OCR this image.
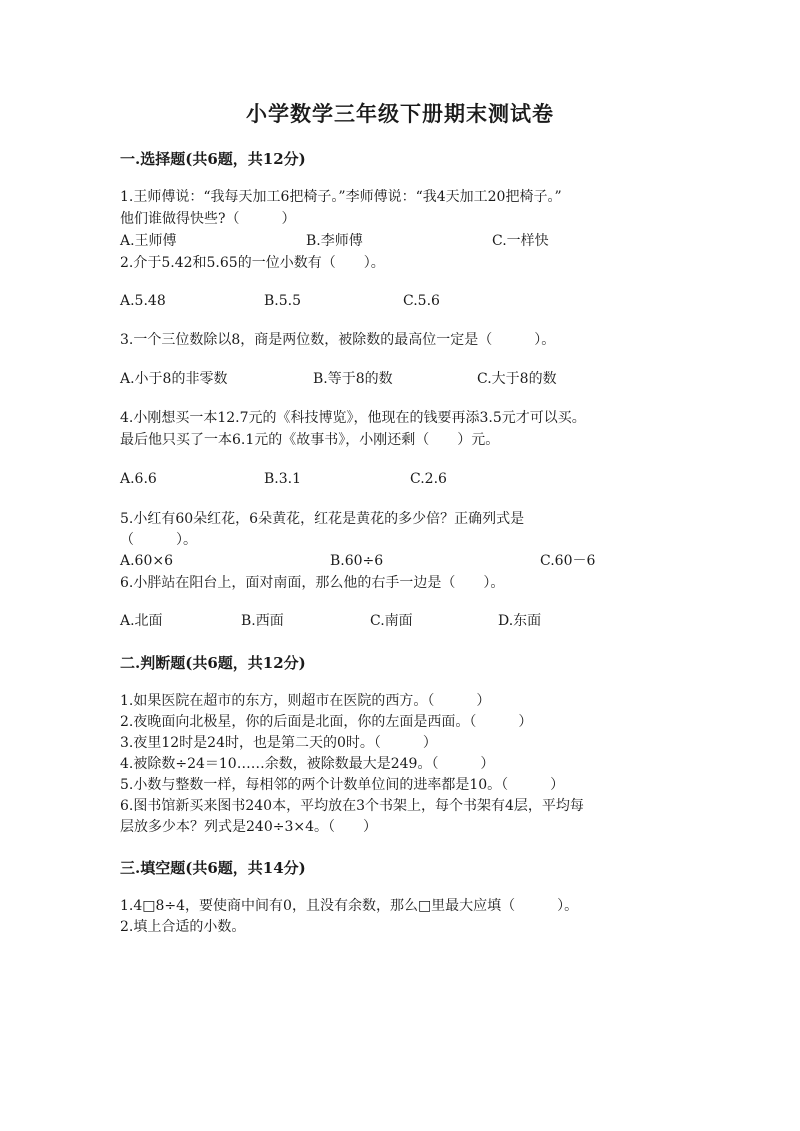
小学数学三年级下册期末测试卷
一.选择题(共6题，共12分)
1.王师傅说：“我每天加工6把椅子。”李师傅说：“我4天加工20把椅子。”
他们谁做得快些?（　　　）
A.王师傅	B.李师傅	C.一样快
2.介于5.42和5.65的一位小数有（　　）。
A.5.48	B.5.5	C.5.6
3.一个三位数除以8，商是两位数，被除数的最高位一定是（　　　）。
A.小于8的非零数	B.等于8的数	C.大于8的数
4.小刚想买一本12.7元的《科技博览》，他现在的钱要再添3.5元才可以买。
最后他只买了一本6.1元的《故事书》，小刚还剩（　　）元。
A.6.6	B.3.1	C.2.6
5.小红有60朵红花，6朵黄花，红花是黄花的多少倍？正确列式是
（　　　）。
A.60×6	B.60÷6	C.60－6
6.小胖站在阳台上，面对南面，那么他的右手一边是（　　）。
A.北面	B.西面	C.南面	D.东面
二.判断题(共6题，共12分)
1.如果医院在超市的东方，则超市在医院的西方。（　　　）
2.夜晚面向北极星，你的后面是北面，你的左面是西面。（　　　）
3.夜里12时是24时，也是第二天的0时。（　　　）
4.被除数÷24＝10……余数，被除数最大是249。（　　　）
5.小数与整数一样，每相邻的两个计数单位间的进率都是10。（　　　）
6.图书馆新买来图书240本，平均放在3个书架上，每个书架有4层，平均每
层放多少本？列式是240÷3×4。（　　）
三.填空题(共6题，共14分)
1.4□8÷4，要使商中间有0，且没有余数，那么□里最大应填（　　　）。
2.填上合适的小数。
